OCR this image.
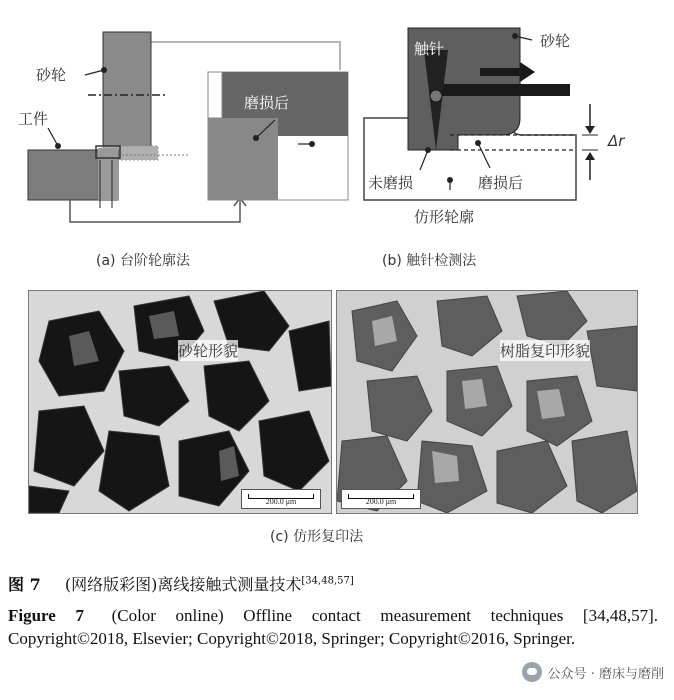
砂轮
工件
磨损后
未磨损
(a) 台阶轮廓法
触针	砂轮
未磨损	磨损后
仿形轮廓
Δr
(b) 触针检测法
200.0 μm
砂轮形貌
200.0 μm
树脂复印形貌
(c) 仿形复印法
图 7 (网络版彩图)离线接触式测量技术[34,48,57]
Figure 7 (Color online) Offline contact measurement techniques [34,48,57]. Copyright©2018, Elsevier; Copyright©2018, Springer; Copyright©2016, Springer.
公众号 · 磨床与磨削
